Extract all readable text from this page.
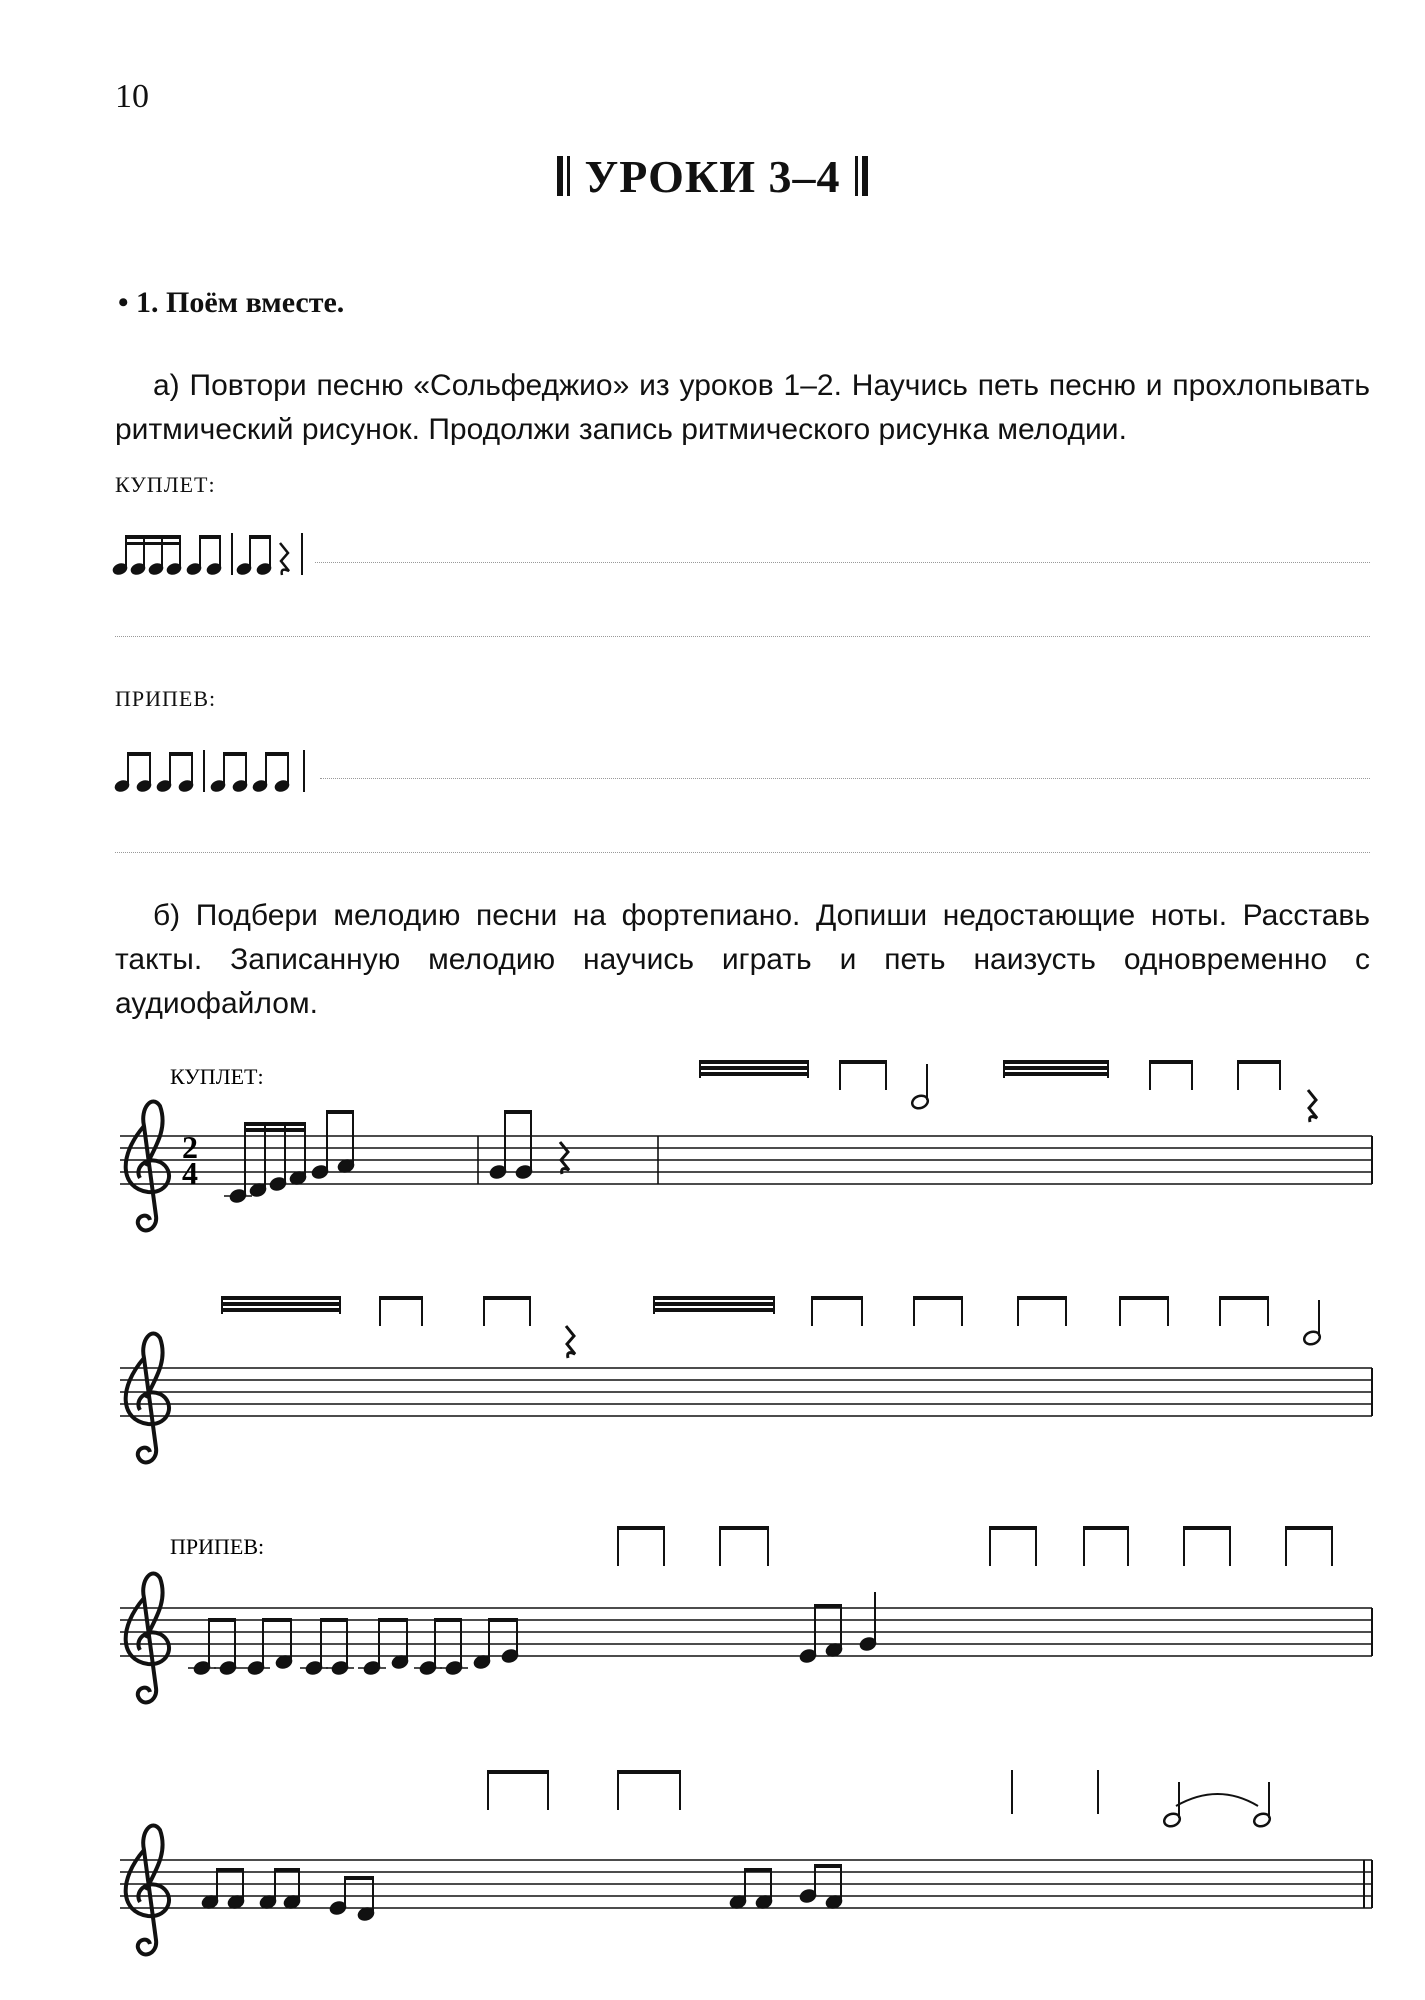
10
УРОКИ 3–4
• 1. Поём вместе.
а) Повтори песню «Сольфеджио» из уроков 1–2. Научись петь песню и прохлопывать ритмический рисунок. Продолжи запись ритмического рисунка мелодии.
КУПЛЕТ:
ПРИПЕВ:
б) Подбери мелодию песни на фортепиано. Допиши недостающие ноты. Расставь такты. Записанную мелодию научись играть и петь наизусть одновременно с аудиофайлом.
2
4
КУПЛЕТ:
ПРИПЕВ:
